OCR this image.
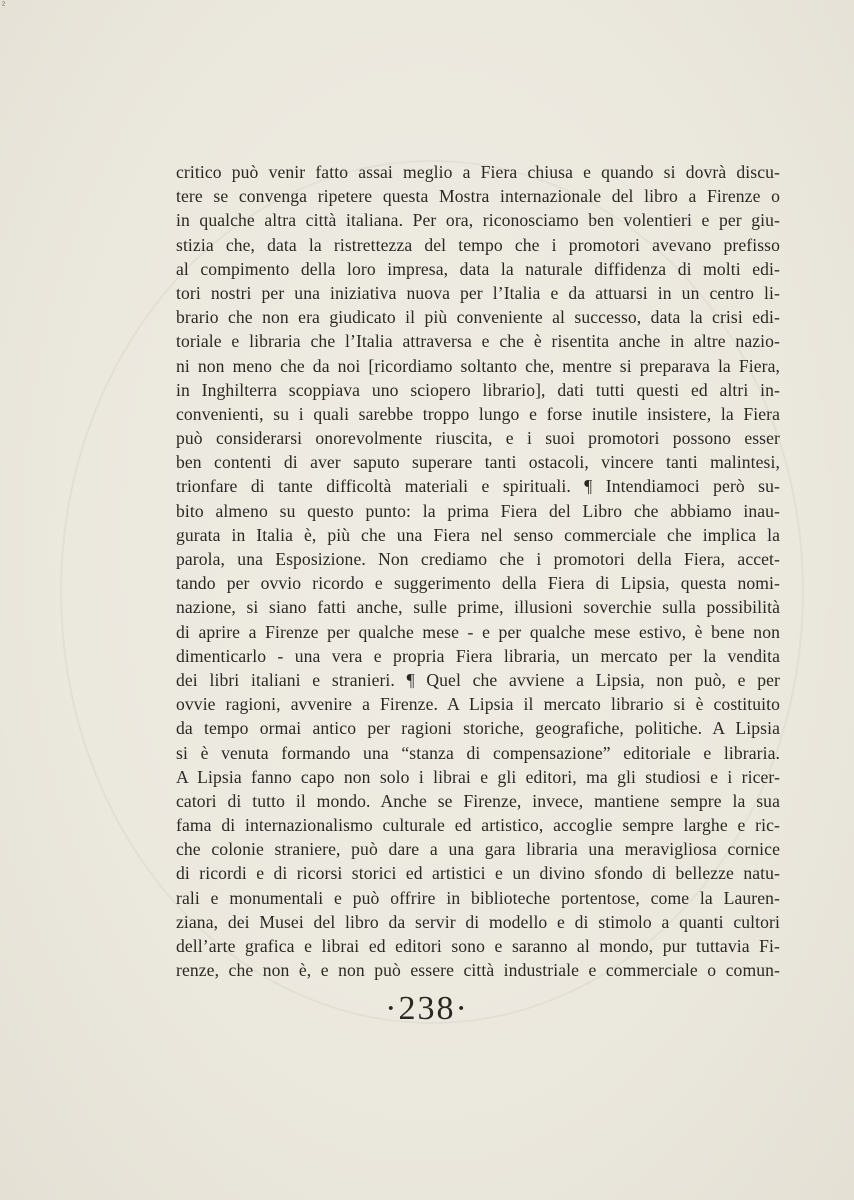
²
critico può venir fatto assai meglio a Fiera chiusa e quando si dovrà discu-
tere se convenga ripetere questa Mostra internazionale del libro a Firenze o
in qualche altra città italiana. Per ora, riconosciamo ben volentieri e per giu-
stizia che, data la ristrettezza del tempo che i promotori avevano prefisso
al compimento della loro impresa, data la naturale diffidenza di molti edi-
tori nostri per una iniziativa nuova per l’Italia e da attuarsi in un centro li-
brario che non era giudicato il più conveniente al successo, data la crisi edi-
toriale e libraria che l’Italia attraversa e che è risentita anche in altre nazio-
ni non meno che da noi [ricordiamo soltanto che, mentre si preparava la Fiera,
in Inghilterra scoppiava uno sciopero librario], dati tutti questi ed altri in-
convenienti, su i quali sarebbe troppo lungo e forse inutile insistere, la Fiera
può considerarsi onorevolmente riuscita, e i suoi promotori possono esser
ben contenti di aver saputo superare tanti ostacoli, vincere tanti malintesi,
trionfare di tante difficoltà materiali e spirituali. ¶ Intendiamoci però su-
bito almeno su questo punto: la prima Fiera del Libro che abbiamo inau-
gurata in Italia è, più che una Fiera nel senso commerciale che implica la
parola, una Esposizione. Non crediamo che i promotori della Fiera, accet-
tando per ovvio ricordo e suggerimento della Fiera di Lipsia, questa nomi-
nazione, si siano fatti anche, sulle prime, illusioni soverchie sulla possibilità
di aprire a Firenze per qualche mese - e per qualche mese estivo, è bene non
dimenticarlo - una vera e propria Fiera libraria, un mercato per la vendita
dei libri italiani e stranieri. ¶ Quel che avviene a Lipsia, non può, e per
ovvie ragioni, avvenire a Firenze. A Lipsia il mercato librario si è costituito
da tempo ormai antico per ragioni storiche, geografiche, politiche. A Lipsia
si è venuta formando una “stanza di compensazione” editoriale e libraria.
A Lipsia fanno capo non solo i librai e gli editori, ma gli studiosi e i ricer-
catori di tutto il mondo. Anche se Firenze, invece, mantiene sempre la sua
fama di internazionalismo culturale ed artistico, accoglie sempre larghe e ric-
che colonie straniere, può dare a una gara libraria una meravigliosa cornice
di ricordi e di ricorsi storici ed artistici e un divino sfondo di bellezze natu-
rali e monumentali e può offrire in biblioteche portentose, come la Lauren-
ziana, dei Musei del libro da servir di modello e di stimolo a quanti cultori
dell’arte grafica e librai ed editori sono e saranno al mondo, pur tuttavia Fi-
renze, che non è, e non può essere città industriale e commerciale o comun-
·238·
